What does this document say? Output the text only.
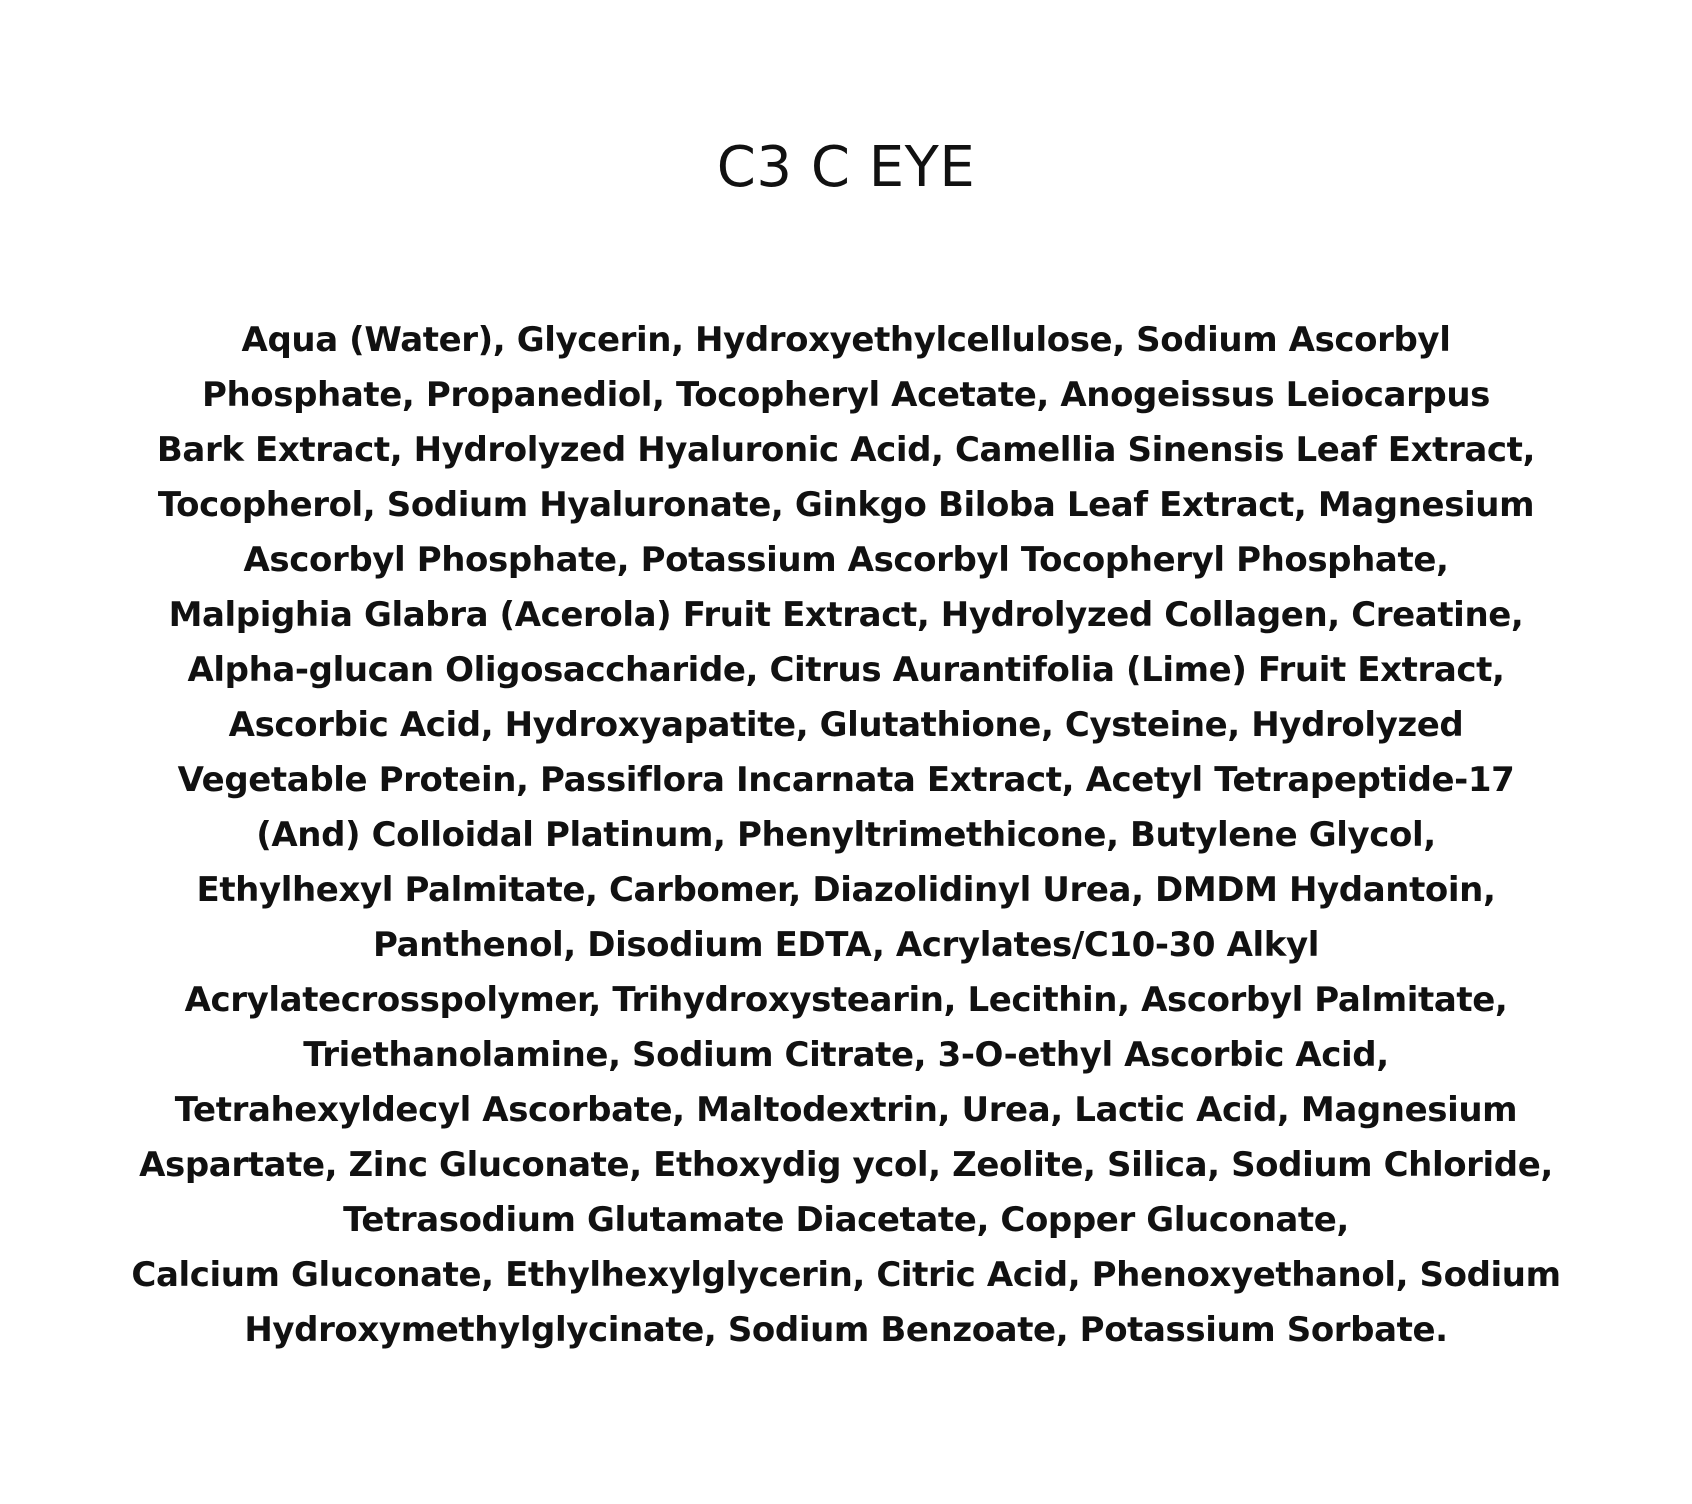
C3 C EYE
Aqua (Water), Glycerin, Hydroxyethylcellulose, Sodium Ascorbyl
Phosphate, Propanediol, Tocopheryl Acetate, Anogeissus Leiocarpus
Bark Extract, Hydrolyzed Hyaluronic Acid, Camellia Sinensis Leaf Extract,
Tocopherol, Sodium Hyaluronate, Ginkgo Biloba Leaf Extract, Magnesium
Ascorbyl Phosphate, Potassium Ascorbyl Tocopheryl Phosphate,
Malpighia Glabra (Acerola) Fruit Extract, Hydrolyzed Collagen, Creatine,
Alpha-glucan Oligosaccharide, Citrus Aurantifolia (Lime) Fruit Extract,
Ascorbic Acid, Hydroxyapatite, Glutathione, Cysteine, Hydrolyzed
Vegetable Protein, Passiflora Incarnata Extract, Acetyl Tetrapeptide-17
(And) Colloidal Platinum, Phenyltrimethicone, Butylene Glycol,
Ethylhexyl Palmitate, Carbomer, Diazolidinyl Urea, DMDM Hydantoin,
Panthenol, Disodium EDTA, Acrylates/C10-30 Alkyl
Acrylatecrosspolymer, Trihydroxystearin, Lecithin, Ascorbyl Palmitate,
Triethanolamine, Sodium Citrate, 3-O-ethyl Ascorbic Acid,
Tetrahexyldecyl Ascorbate, Maltodextrin, Urea, Lactic Acid, Magnesium
Aspartate, Zinc Gluconate, Ethoxydig ycol, Zeolite, Silica, Sodium Chloride,
Tetrasodium Glutamate Diacetate, Copper Gluconate,
Calcium Gluconate, Ethylhexylglycerin, Citric Acid, Phenoxyethanol, Sodium
Hydroxymethylglycinate, Sodium Benzoate, Potassium Sorbate.
